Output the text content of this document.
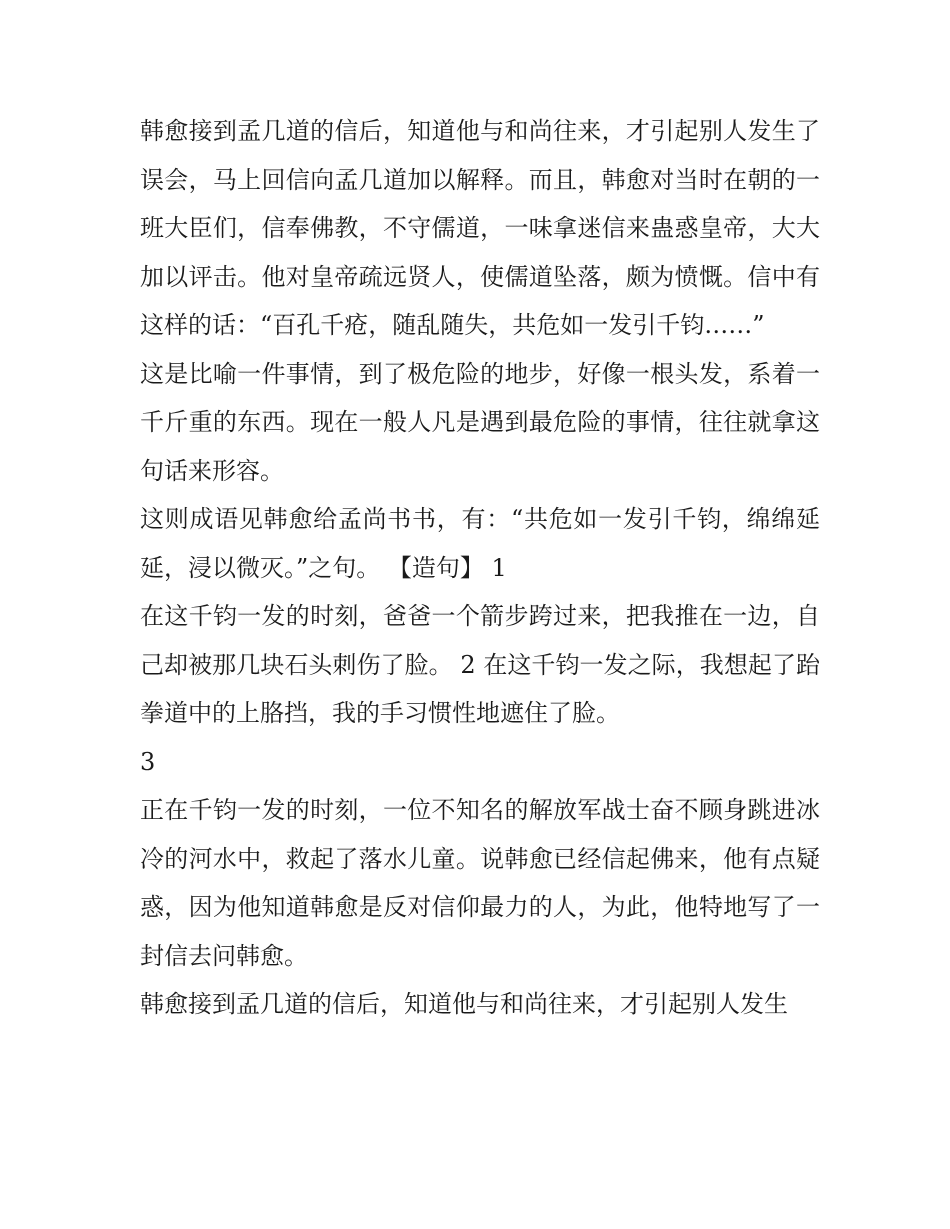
韩愈接到孟几道的信后，知道他与和尚往来，才引起别人发生了误会，马上回信向孟几道加以解释。而且，韩愈对当时在朝的一班大臣们，信奉佛教，不守儒道，一味拿迷信来蛊惑皇帝，大大加以评击。他对皇帝疏远贤人，使儒道坠落，颇为愤慨。信中有这样的话：“百孔千疮，随乱随失，共危如一发引千钧……”

这是比喻一件事情，到了极危险的地步，好像一根头发，系着一千斤重的东西。现在一般人凡是遇到最危险的事情，往往就拿这句话来形容。

这则成语见韩愈给孟尚书书，有：“共危如一发引千钧，绵绵延延，浸以微灭。”之句。 【造句】 1

在这千钧一发的时刻，爸爸一个箭步跨过来，把我推在一边，自己却被那几块石头刺伤了脸。 2 在这千钧一发之际，我想起了跆拳道中的上胳挡，我的手习惯性地遮住了脸。

3

正在千钧一发的时刻，一位不知名的解放军战士奋不顾身跳进冰冷的河水中，救起了落水儿童。说韩愈已经信起佛来，他有点疑惑，因为他知道韩愈是反对信仰最力的人，为此，他特地写了一封信去问韩愈。

韩愈接到孟几道的信后，知道他与和尚往来，才引起别人发生
